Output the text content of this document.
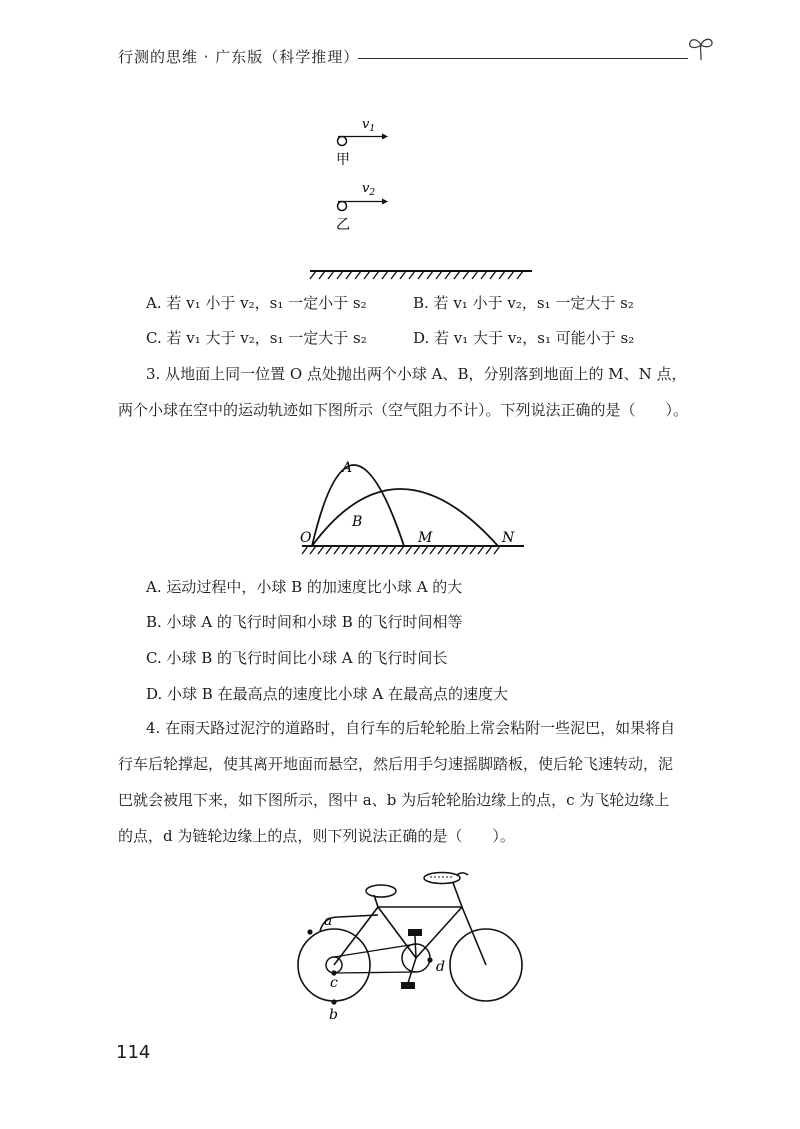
行测的思维 · 广东版（科学推理）
$v_1$
甲
$v_2$
乙
A. 若 v₁ 小于 v₂，s₁ 一定小于 s₂	B. 若 v₁ 小于 v₂，s₁ 一定大于 s₂
C. 若 v₁ 大于 v₂，s₁ 一定大于 s₂	D. 若 v₁ 大于 v₂，s₁ 可能小于 s₂
3. 从地面上同一位置 O 点处抛出两个小球 A、B，分别落到地面上的 M、N 点，
两个小球在空中的运动轨迹如下图所示（空气阻力不计）。下列说法正确的是（　　）。
A
B
O	M	N
A. 运动过程中，小球 B 的加速度比小球 A 的大
B. 小球 A 的飞行时间和小球 B 的飞行时间相等
C. 小球 B 的飞行时间比小球 A 的飞行时间长
D. 小球 B 在最高点的速度比小球 A 在最高点的速度大
4. 在雨天路过泥泞的道路时，自行车的后轮轮胎上常会粘附一些泥巴，如果将自
行车后轮撑起，使其离开地面而悬空，然后用手匀速摇脚踏板，使后轮飞速转动，泥
巴就会被甩下来，如下图所示，图中 a、b 为后轮轮胎边缘上的点，c 为飞轮边缘上
的点，d 为链轮边缘上的点，则下列说法正确的是（　　）。
a
b
c
d
114
